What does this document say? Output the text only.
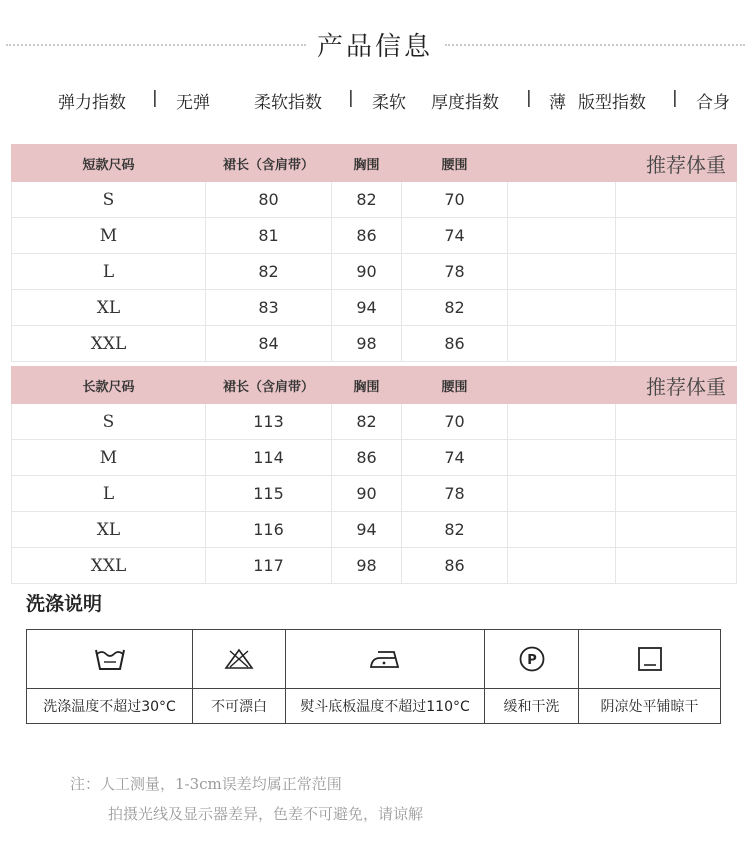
产品信息
弹力指数 | 无弹	柔软指数 | 柔软 厚度指数 | 薄 版型指数 | 合身
短款尺码	裙长（含肩带）	胸围	腰围	推荐体重	
S	80	82	70		
M	81	86	74		
L	82	90	78		
XL	83	94	82		
XXL	84	98	86		
长款尺码	裙长（含肩带）	胸围	腰围	推荐体重	
S	113	82	70		
M	114	86	74		
L	115	90	78		
XL	116	94	82		
XXL	117	98	86		
洗涤说明

P

洗涤温度不超过30°C	不可漂白	熨斗底板温度不超过110°C	缓和干洗	阴凉处平铺晾干
注：人工测量，1-3cm误差均属正常范围
拍摄光线及显示器差异，色差不可避免，请谅解
